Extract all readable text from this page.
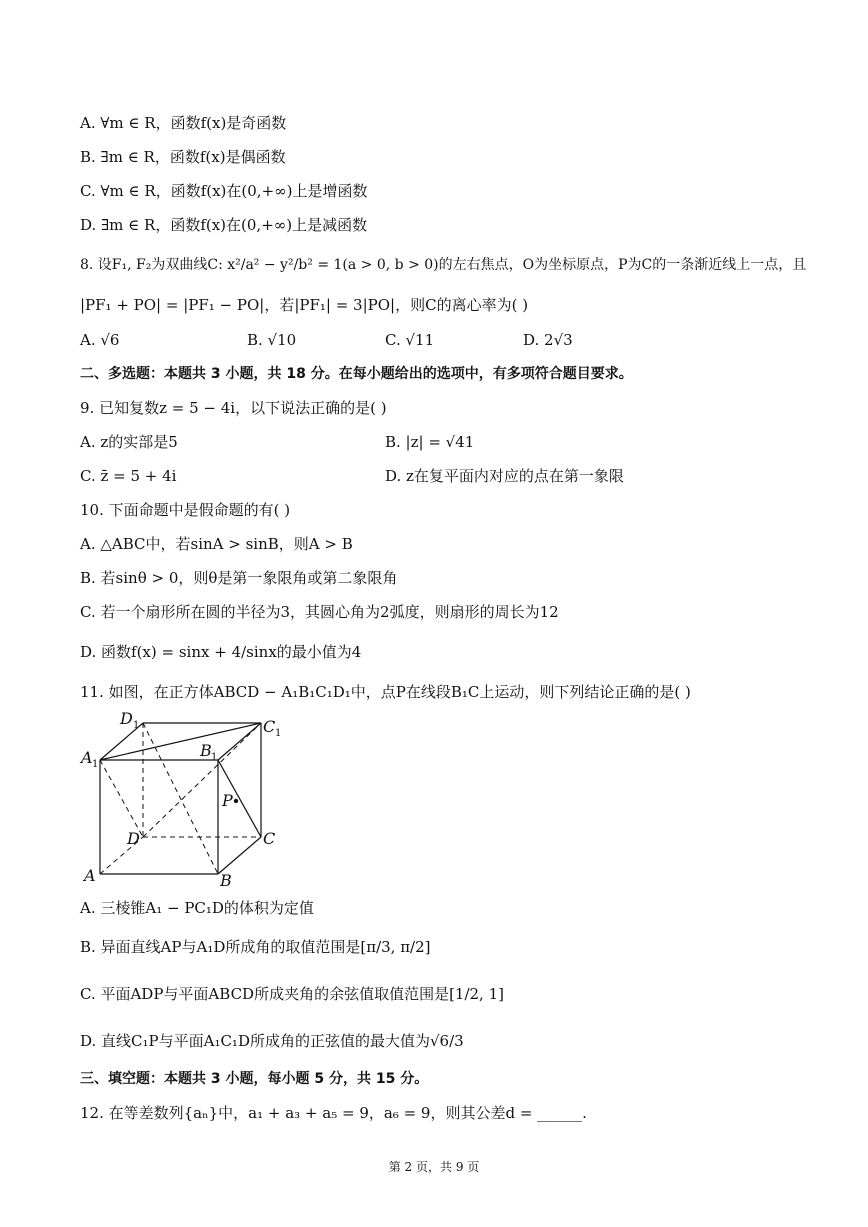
A. ∀m ∈ R，函数f(x)是奇函数
B. ∃m ∈ R，函数f(x)是偶函数
C. ∀m ∈ R，函数f(x)在(0,+∞)上是增函数
D. ∃m ∈ R，函数f(x)在(0,+∞)上是减函数
8. 设F₁, F₂为双曲线C: x²/a² − y²/b² = 1(a > 0, b > 0)的左右焦点，O为坐标原点，P为C的一条渐近线上一点，且
|PF₁ + PO| = |PF₁ − PO|，若|PF₁| = 3|PO|，则C的离心率为( )
A. √6	B. √10	C. √11	D. 2√3
二、多选题：本题共 3 小题，共 18 分。在每小题给出的选项中，有多项符合题目要求。
9. 已知复数z = 5 − 4i，以下说法正确的是( )
A. z的实部是5	B. |z| = √41
C. z̄ = 5 + 4i	D. z在复平面内对应的点在第一象限
10. 下面命题中是假命题的有( )
A. △ABC中，若sinA > sinB，则A > B
B. 若sinθ > 0，则θ是第一象限角或第二象限角
C. 若一个扇形所在圆的半径为3，其圆心角为2弧度，则扇形的周长为12
D. 函数f(x) = sinx + 4/sinx的最小值为4
11. 如图，在正方体ABCD − A₁B₁C₁D₁中，点P在线段B₁C上运动，则下列结论正确的是( )
D 1	C 1
A 1
B 1
P
D	C
A	B
A. 三棱锥A₁ − PC₁D的体积为定值
B. 异面直线AP与A₁D所成角的取值范围是[π/3, π/2]
C. 平面ADP与平面ABCD所成夹角的余弦值取值范围是[1/2, 1]
D. 直线C₁P与平面A₁C₁D所成角的正弦值的最大值为√6/3
三、填空题：本题共 3 小题，每小题 5 分，共 15 分。
12. 在等差数列{aₙ}中，a₁ + a₃ + a₅ = 9，a₆ = 9，则其公差d = ______.
第 2 页，共 9 页
